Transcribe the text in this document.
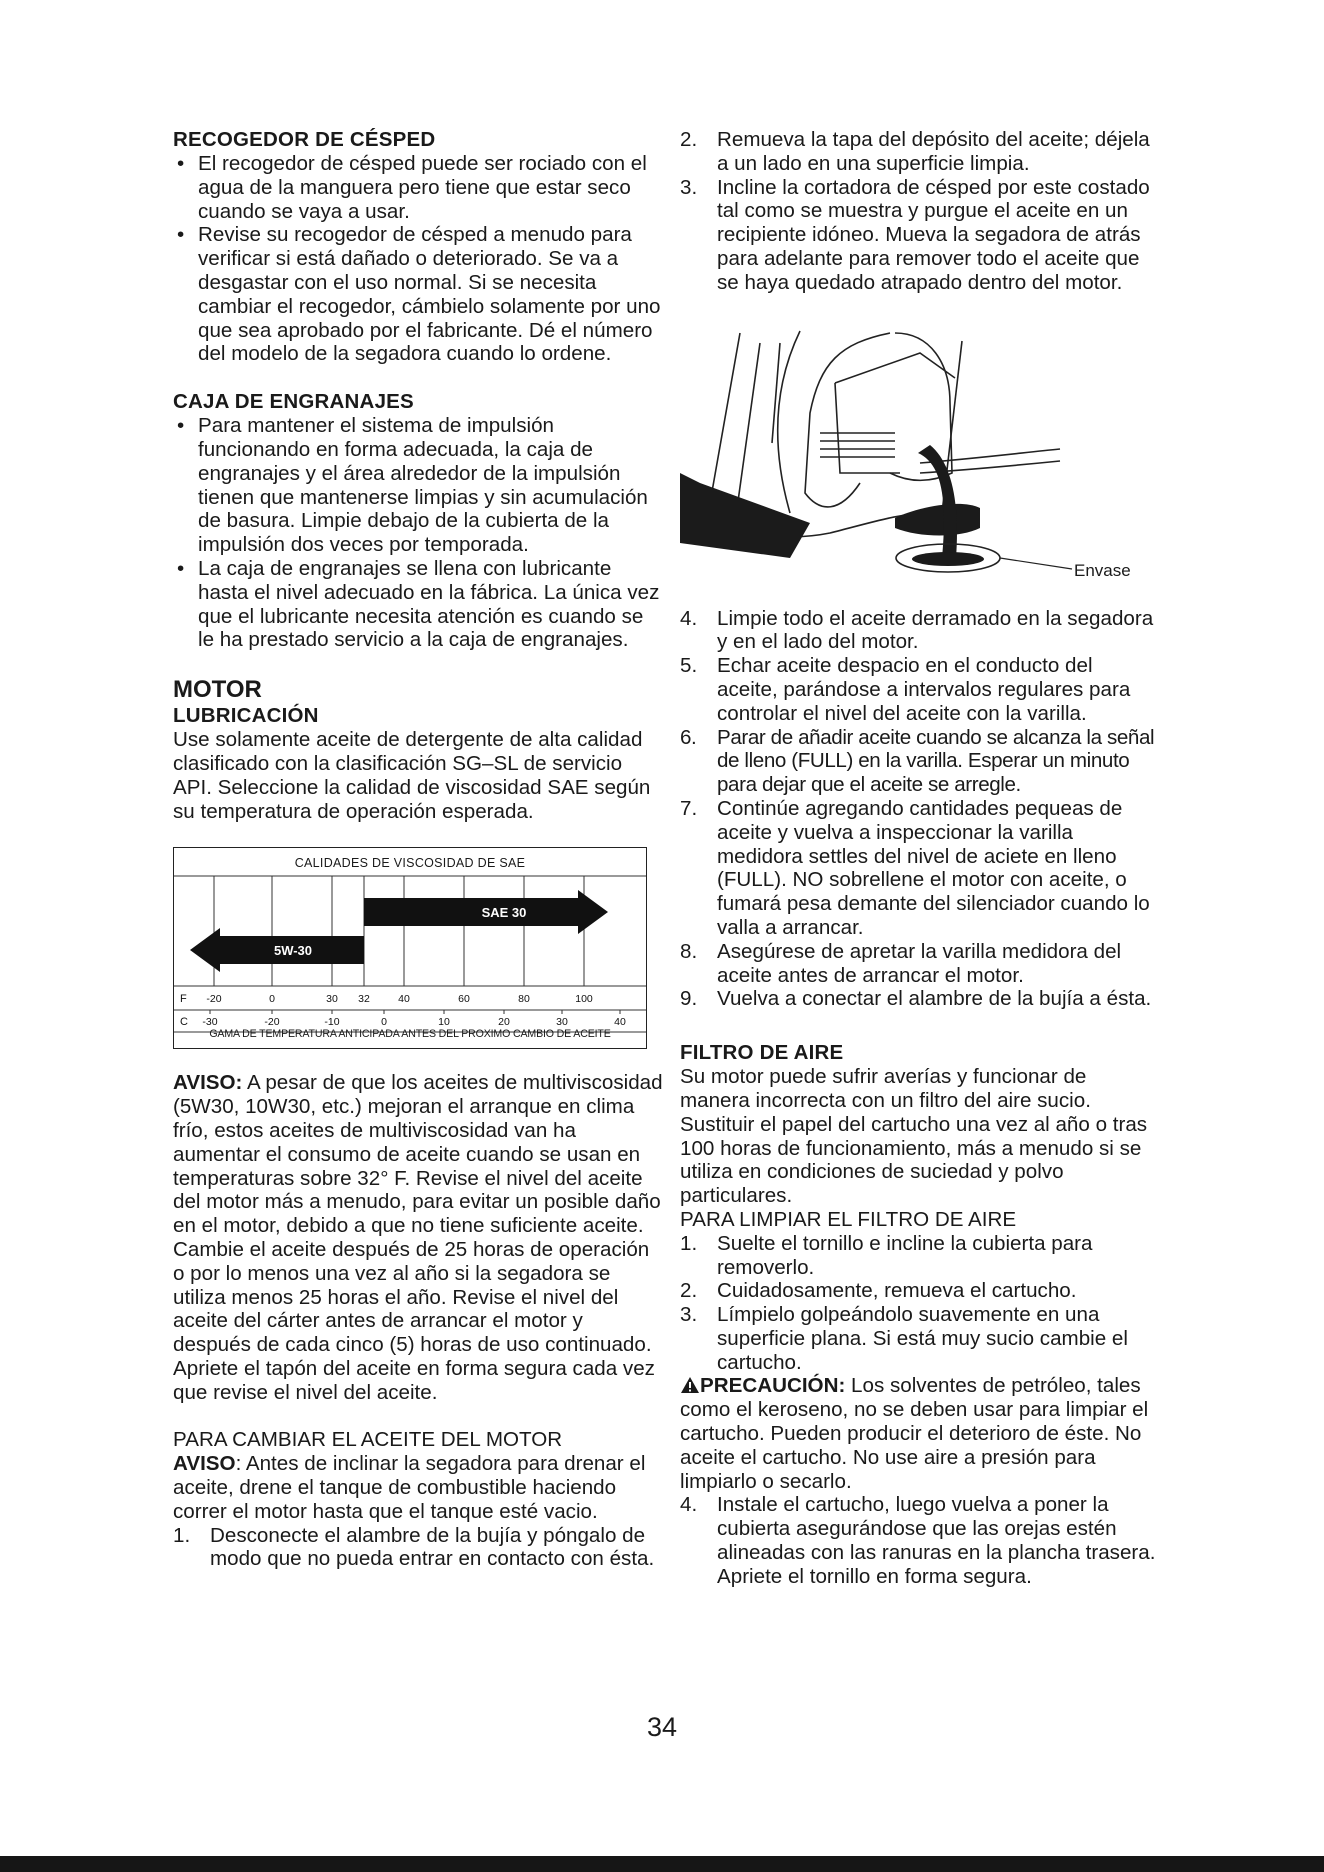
RECOGEDOR DE CÉSPED
• El recogedor de césped puede ser rociado con el agua de la manguera pero tiene que estar seco cuando se vaya a usar.
• Revise su recogedor de césped a menudo para verificar si está dañado o deteriorado. Se va a desgastar con el uso normal. Si se necesita cambiar el recogedor, cámbielo solamente por uno que sea aprobado por el fabricante. Dé el número del modelo de la segadora cuando lo ordene.
CAJA DE ENGRANAJES
• Para mantener el sistema de impulsión funcionando en forma adecuada, la caja de engranajes y el área alrededor de la impulsión tienen que mantenerse limpias y sin acumulación de basura. Limpie debajo de la cubierta de la impulsión dos veces por temporada.
• La caja de engranajes se llena con lubricante hasta el nivel adecuado en la fábrica. La única vez que el lubricante necesita atención es cuando se le ha prestado servicio a la caja de engranajes.
MOTOR
LUBRICACIÓN

Use solamente aceite de detergente de alta calidad clasificado con la clasificación SG–SL de servicio API. Seleccione la calidad de viscosidad SAE según su temperatura de operación esperada.

CALIDADES DE VISCOSIDAD DE SAE
5W-30
SAE 30
F -20	0	30 32	40	60	80	100
C -30	-20	-10	0	10	20	30	40
GAMA DE TEMPERATURA ANTICIPADA ANTES DEL PROXIMO CAMBIO DE ACEITE

AVISO: A pesar de que los aceites de multiviscosidad (5W30, 10W30, etc.) mejoran el arranque en clima frío, estos aceites de multiviscosidad van ha aumentar el consumo de aceite cuando se usan en temperaturas sobre 32° F. Revise el nivel del aceite del motor más a menudo, para evitar un posible daño en el motor, debido a que no tiene suficiente aceite. Cambie el aceite después de 25 horas de operación o por lo menos una vez al año si la segadora se utiliza menos 25 horas el año. Revise el nivel del aceite del cárter antes de arrancar el motor y después de cada cinco (5) horas de uso continuado. Apriete el tapón del aceite en forma segura cada vez que revise el nivel del aceite.

PARA CAMBIAR EL ACEITE DEL MOTOR

AVISO: Antes de inclinar la segadora para drenar el aceite, drene el tanque de combustible haciendo correr el motor hasta que el tanque esté vacio.

1. Desconecte el alambre de la bujía y póngalo de modo que no pueda entrar en contacto con ésta.
2. Remueva la tapa del depósito del aceite; déjela a un lado en una superficie limpia.
3. Incline la cortadora de césped por este costado tal como se muestra y purgue el aceite en un recipiente idóneo. Mueva la segadora de atrás para adelante para remover todo el aceite que se haya quedado atrapado dentro del motor.
Envase
4. Limpie todo el aceite derramado en la segadora y en el lado del motor.
5. Echar aceite despacio en el conducto del aceite, parándose a intervalos regulares para controlar el nivel del aceite con la varilla.
6. Parar de añadir aceite cuando se alcanza la señal de lleno (FULL) en la varilla. Esperar un minuto para dejar que el aceite se arregle.
7. Continúe agregando cantidades pequeas de aceite y vuelva a inspeccionar la varilla medidora settles del nivel de aciete en lleno (FULL). NO sobrellene el motor con aceite, o fumará pesa demante del silenciador cuando lo valla a arrancar.
8. Asegúrese de apretar la varilla medidora del aceite antes de arrancar el motor.
9. Vuelva a conectar el alambre de la bujía a ésta.
FILTRO DE AIRE

Su motor puede sufrir averías y funcionar de manera incorrecta con un filtro del aire sucio. Sustituir el papel del cartucho una vez al año o tras 100 horas de funcionamiento, más a menudo si se utiliza en condiciones de suciedad y polvo particulares.

PARA LIMPIAR EL FILTRO DE AIRE

1. Suelte el tornillo e incline la cubierta para removerlo.
2. Cuidadosamente, remueva el cartucho.
3. Límpielo golpeándolo suavemente en una superficie plana. Si está muy sucio cambie el cartucho.

PRECAUCIÓN: Los solventes de petróleo, tales como el keroseno, no se deben usar para limpiar el cartucho. Pueden producir el deterioro de éste. No aceite el cartucho. No use aire a presión para limpiarlo o secarlo.

4. Instale el cartucho, luego vuelva a poner la cubierta asegurándose que las orejas estén alineadas con las ranuras en la plancha trasera. Apriete el tornillo en forma segura.
34
